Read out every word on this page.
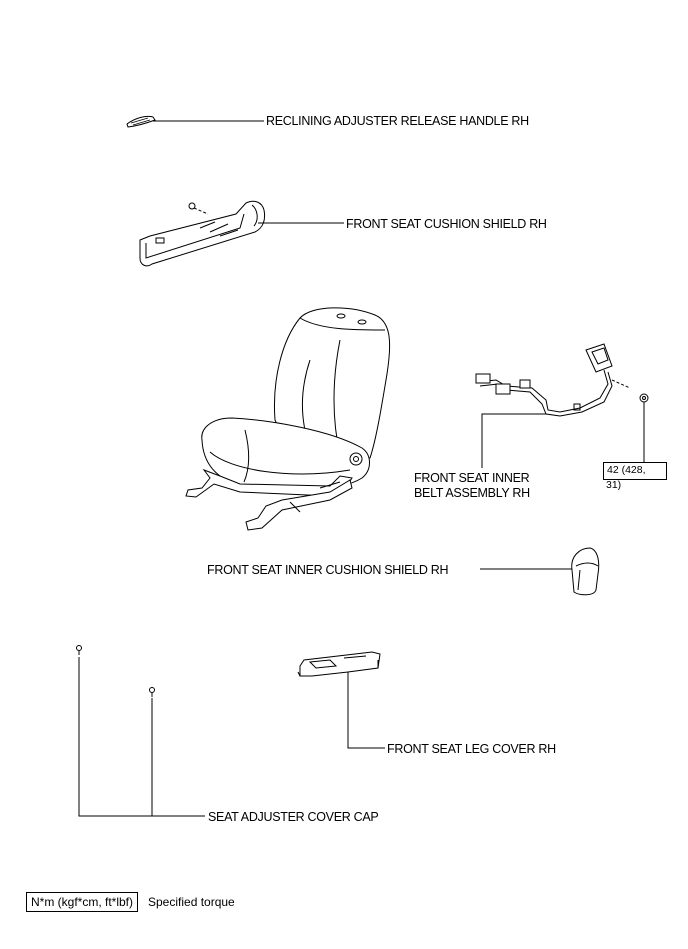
RECLINING ADJUSTER RELEASE HANDLE RH
FRONT SEAT CUSHION SHIELD RH
FRONT SEAT INNER
BELT ASSEMBLY RH
FRONT SEAT INNER CUSHION SHIELD RH
FRONT SEAT LEG COVER RH
SEAT ADJUSTER COVER CAP
42 (428,
31)
N*m (kgf*cm, ft*lbf)	Specified torque
